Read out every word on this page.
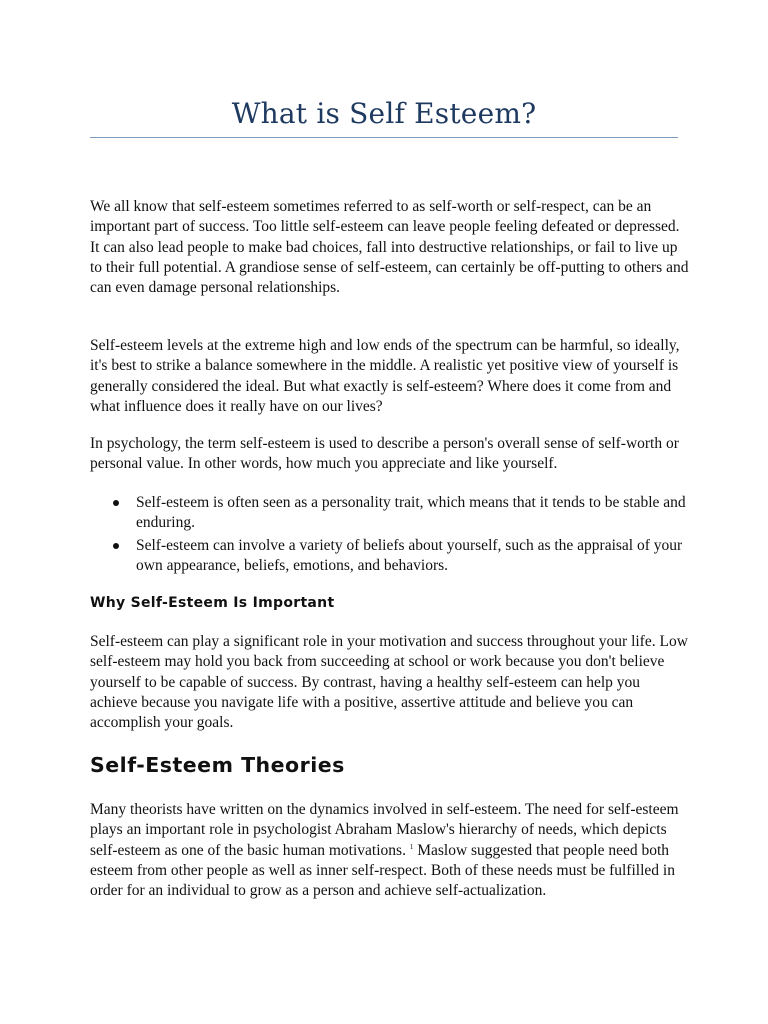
What is Self Esteem?

We all know that self-esteem sometimes referred to as self-worth or self-respect, can be an important part of success. Too little self-esteem can leave people feeling defeated or depressed. It can also lead people to make bad choices, fall into destructive relationships, or fail to live up to their full potential. A grandiose sense of self-esteem, can certainly be off-putting to others and can even damage personal relationships.

Self-esteem levels at the extreme high and low ends of the spectrum can be harmful, so ideally, it's best to strike a balance somewhere in the middle. A realistic yet positive view of yourself is generally considered the ideal. But what exactly is self-esteem? Where does it come from and what influence does it really have on our lives?

In psychology, the term self-esteem is used to describe a person's overall sense of self-worth or personal value. In other words, how much you appreciate and like yourself.

Self-esteem is often seen as a personality trait, which means that it tends to be stable and enduring.
Self-esteem can involve a variety of beliefs about yourself, such as the appraisal of your own appearance, beliefs, emotions, and behaviors.
Why Self-Esteem Is Important

Self-esteem can play a significant role in your motivation and success throughout your life. Low self-esteem may hold you back from succeeding at school or work because you don't believe yourself to be capable of success. By contrast, having a healthy self-esteem can help you achieve because you navigate life with a positive, assertive attitude and believe you can accomplish your goals.

Self-Esteem Theories

Many theorists have written on the dynamics involved in self-esteem. The need for self-esteem plays an important role in psychologist Abraham Maslow's hierarchy of needs, which depicts self-esteem as one of the basic human motivations. $^1$ Maslow suggested that people need both esteem from other people as well as inner self-respect. Both of these needs must be fulfilled in order for an individual to grow as a person and achieve self-actualization.
